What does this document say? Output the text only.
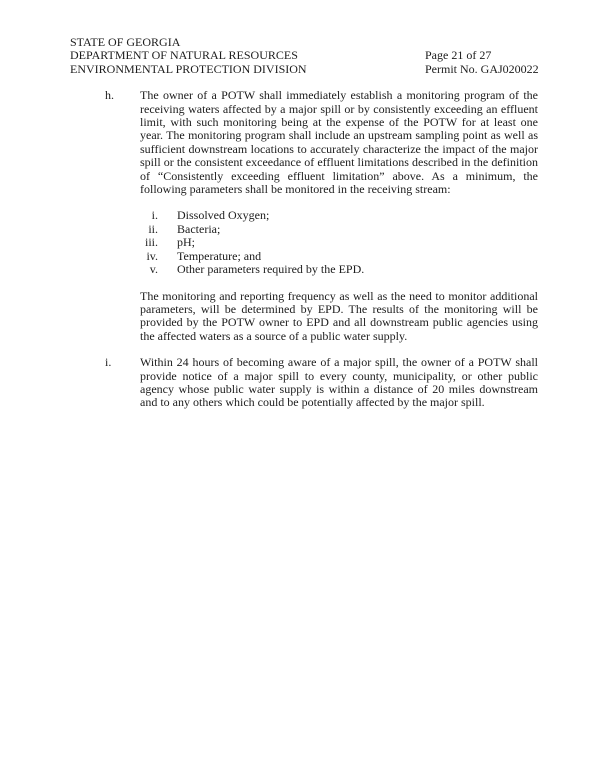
STATE OF GEORGIA
DEPARTMENT OF NATURAL RESOURCES
ENVIRONMENTAL PROTECTION DIVISION
Page 21 of 27
Permit No. GAJ020022
h.	The owner of a POTW shall immediately establish a monitoring program of the receiving waters affected by a major spill or by consistently exceeding an effluent limit, with such monitoring being at the expense of the POTW for at least one year. The monitoring program shall include an upstream sampling point as well as sufficient downstream locations to accurately characterize the impact of the major spill or the consistent exceedance of effluent limitations described in the definition of “Consistently exceeding effluent limitation” above. As a minimum, the following parameters shall be monitored in the receiving stream:

i. Dissolved Oxygen;
ii. Bacteria;
iii. pH;
iv. Temperature; and
v. Other parameters required by the EPD.

The monitoring and reporting frequency as well as the need to monitor additional parameters, will be determined by EPD. The results of the monitoring will be provided by the POTW owner to EPD and all downstream public agencies using the affected waters as a source of a public water supply.

i.	Within 24 hours of becoming aware of a major spill, the owner of a POTW shall provide notice of a major spill to every county, municipality, or other public agency whose public water supply is within a distance of 20 miles downstream and to any others which could be potentially affected by the major spill.
